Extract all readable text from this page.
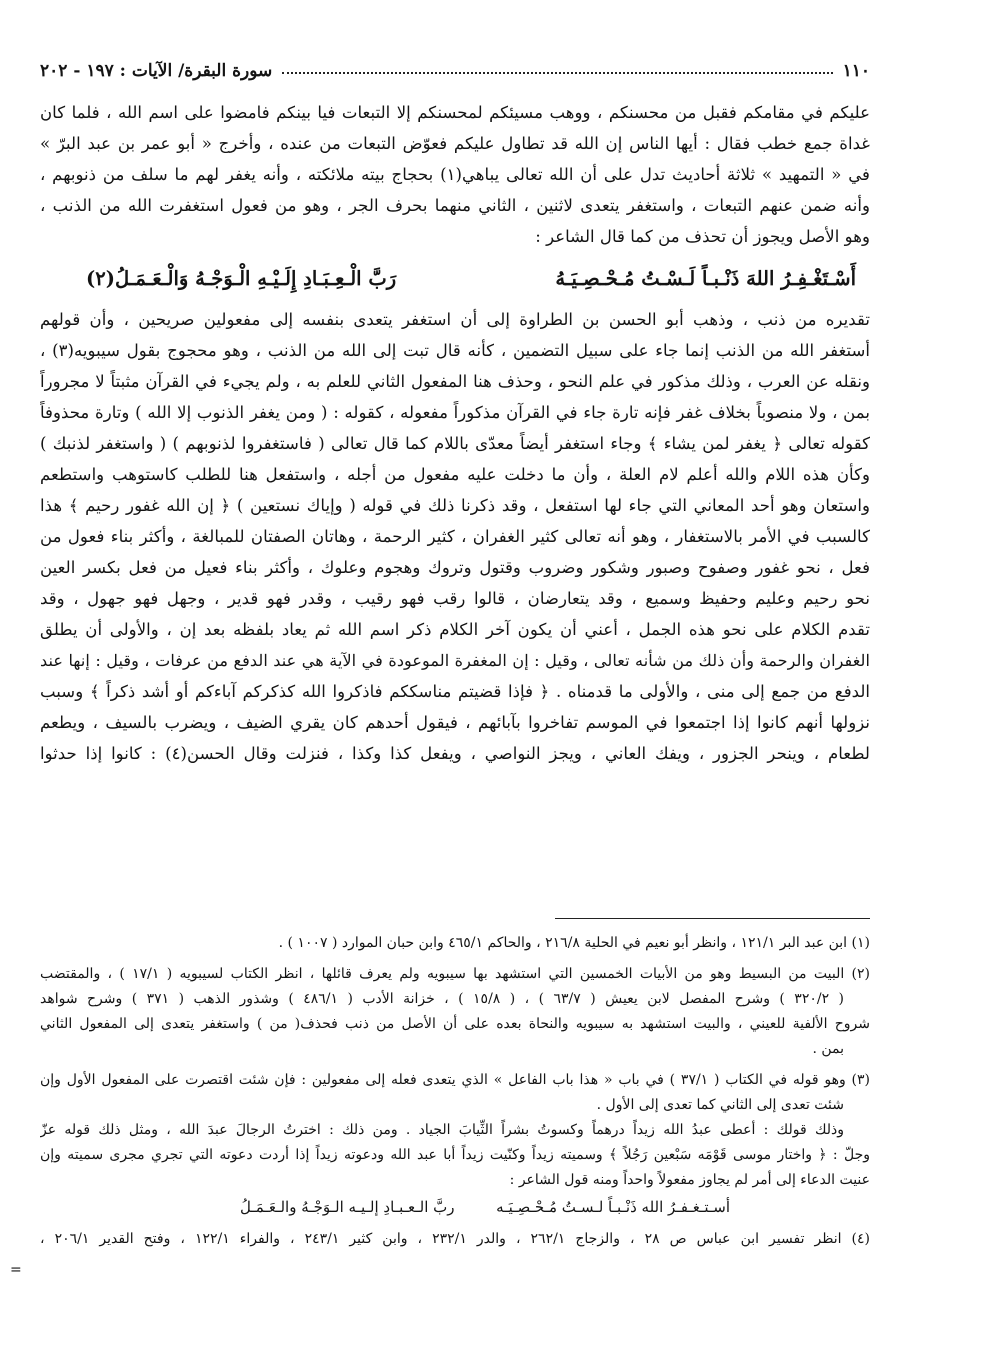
١١٠
سورة البقرة/ الآيات : ١٩٧ - ٢٠٢
عليكم في مقامكم فقبل من محسنكم ، ووهب مسيئكم لمحسنكم إلا التبعات فيا بينكم فامضوا على اسم الله ، فلما كان
غداة جمع خطب فقال : أيها الناس إن الله قد تطاول عليكم فعوّض التبعات من عنده ، وأخرج « أبو عمر بن عبد البرّ »
في « التمهيد » ثلاثة أحاديث تدل على أن الله تعالى يباهي(١) بحجاج بيته ملائكته ، وأنه يغفر لهم ما سلف من ذنوبهم ،
وأنه ضمن عنهم التبعات ، واستغفر يتعدى لاثنين ، الثاني منهما بحرف الجر ، وهو من فعول استغفرت الله من الذنب ،
وهو الأصل ويجوز أن تحذف من كما قال الشاعر :
أَسْـتَغْـفِـرُ اللهَ ذَنْـبـاً لَـسْـتُ مُـحْـصِـيَـهُ
رَبَّ الْـعِـبَـادِ إِلَـيْـهِ الْـوَجْـهُ وَالْـعَـمَـلُ(٢)
تقديره من ذنب ، وذهب أبو الحسن بن الطراوة إلى أن استغفر يتعدى بنفسه إلى مفعولين صريحين ، وأن قولهم
أستغفر الله من الذنب إنما جاء على سبيل التضمين ، كأنه قال تبت إلى الله من الذنب ، وهو محجوج بقول سيبويه(٣) ،
ونقله عن العرب ، وذلك مذكور في علم النحو ، وحذف هنا المفعول الثاني للعلم به ، ولم يجيء في القرآن مثبتاً لا مجروراً
بمن ، ولا منصوباً بخلاف غفر فإنه تارة جاء في القرآن مذكوراً مفعوله ، كقوله : ( ومن يغفر الذنوب إلا الله ) وتارة محذوفاً
كقوله تعالى ﴿ يغفر لمن يشاء ﴾ وجاء استغفر أيضاً معدّى باللام كما قال تعالى ( فاستغفروا لذنوبهم ) ( واستغفر لذنبك )
وكأن هذه اللام والله أعلم لام العلة ، وأن ما دخلت عليه مفعول من أجله ، واستفعل هنا للطلب كاستوهب واستطعم
واستعان وهو أحد المعاني التي جاء لها استفعل ، وقد ذكرنا ذلك في قوله ( وإياك نستعين ) ﴿ إن الله غفور رحيم ﴾ هذا
كالسبب في الأمر بالاستغفار ، وهو أنه تعالى كثير الغفران ، كثير الرحمة ، وهاتان الصفتان للمبالغة ، وأكثر بناء فعول من
فعل ، نحو غفور وصفوح وصبور وشكور وضروب وقتول وتروك وهجوم وعلوك ، وأكثر بناء فعيل من فعل بكسر العين
نحو رحيم وعليم وحفيظ وسميع ، وقد يتعارضان ، قالوا رقب فهو رقيب ، وقدر فهو قدير ، وجهل فهو جهول ، وقد
تقدم الكلام على نحو هذه الجمل ، أعني أن يكون آخر الكلام ذكر اسم الله ثم يعاد بلفظه بعد إن ، والأولى أن يطلق
الغفران والرحمة وأن ذلك من شأنه تعالى ، وقيل : إن المغفرة الموعودة في الآية هي عند الدفع من عرفات ، وقيل : إنها عند
الدفع من جمع إلى منى ، والأولى ما قدمناه . ﴿ فإذا قضيتم مناسككم فاذكروا الله كذكركم آباءكم أو أشد ذكراً ﴾ وسبب
نزولها أنهم كانوا إذا اجتمعوا في الموسم تفاخروا بآبائهم ، فيقول أحدهم كان يقري الضيف ، ويضرب بالسيف ، ويطعم
لطعام ، وينحر الجزور ، ويفك العاني ، ويجز النواصي ، ويفعل كذا وكذا ، فنزلت وقال الحسن(٤) : كانوا إذا حدثوا
(١) ابن عبد البر ١٢١/١ ، وانظر أبو نعيم في الحلية ٢١٦/٨ ، والحاكم ٤٦٥/١ وابن حبان الموارد ( ١٠٠٧ ) .
(٢) البيت من البسيط وهو من الأبيات الخمسين التي استشهد بها سيبويه ولم يعرف قائلها ، انظر الكتاب لسيبويه ( ١٧/١ ) ، والمقتضب
( ٣٢٠/٢ ) وشرح المفصل لابن يعيش ( ٦٣/٧ ) ، ( ١٥/٨ ) ، خزانة الأدب ( ٤٨٦/١ ) وشذور الذهب ( ٣٧١ ) وشرح شواهد
شروح الألفية للعيني ، والبيت استشهد به سيبويه والنحاة بعده على أن الأصل من ذنب فحذف( من ) واستغفر يتعدى إلى المفعول الثاني
بمن .
(٣) وهو قوله في الكتاب ( ٣٧/١ ) في باب « هذا باب الفاعل » الذي يتعدى فعله إلى مفعولين : فإن شئت اقتصرت على المفعول الأول وإن
شئت تعدى إلى الثاني كما تعدى إلى الأول .
وذلك قولك : أعطى عبدُ الله زيداً درهماً وكسوتُ بشراً الثِّيابَ الجياد . ومن ذلك : اخترتُ الرجالَ عبدَ الله ، ومثل ذلك قوله عزّ
وجلّ : ﴿ واختار موسى قَوْمَه سَبْعين رَجُلاً ﴾ وسميته زيداً وكنّيت زيداً أبا عبد الله ودعوته زيداً إذا أردت دعوته التي تجري مجرى سميته وإن
عنيت الدعاء إلى أمر لم يجاوز مفعولاً واحداً ومنه قول الشاعر :
أسـتـغـفـرُ الله ذَنْـبـاً لـسـتُ مُـحْـصِـيَـه
ربَّ الـعـبـادِ إلـيـه الـوَجْـهُ والـعَـمَـلُ
(٤) انظر تفسير ابن عباس ص ٢٨ ، والزجاج ٢٦٢/١ ، والدر ٢٣٢/١ ، وابن كثير ٢٤٣/١ ، والفراء ١٢٢/١ ، وفتح القدير ٢٠٦/١ ،
=
